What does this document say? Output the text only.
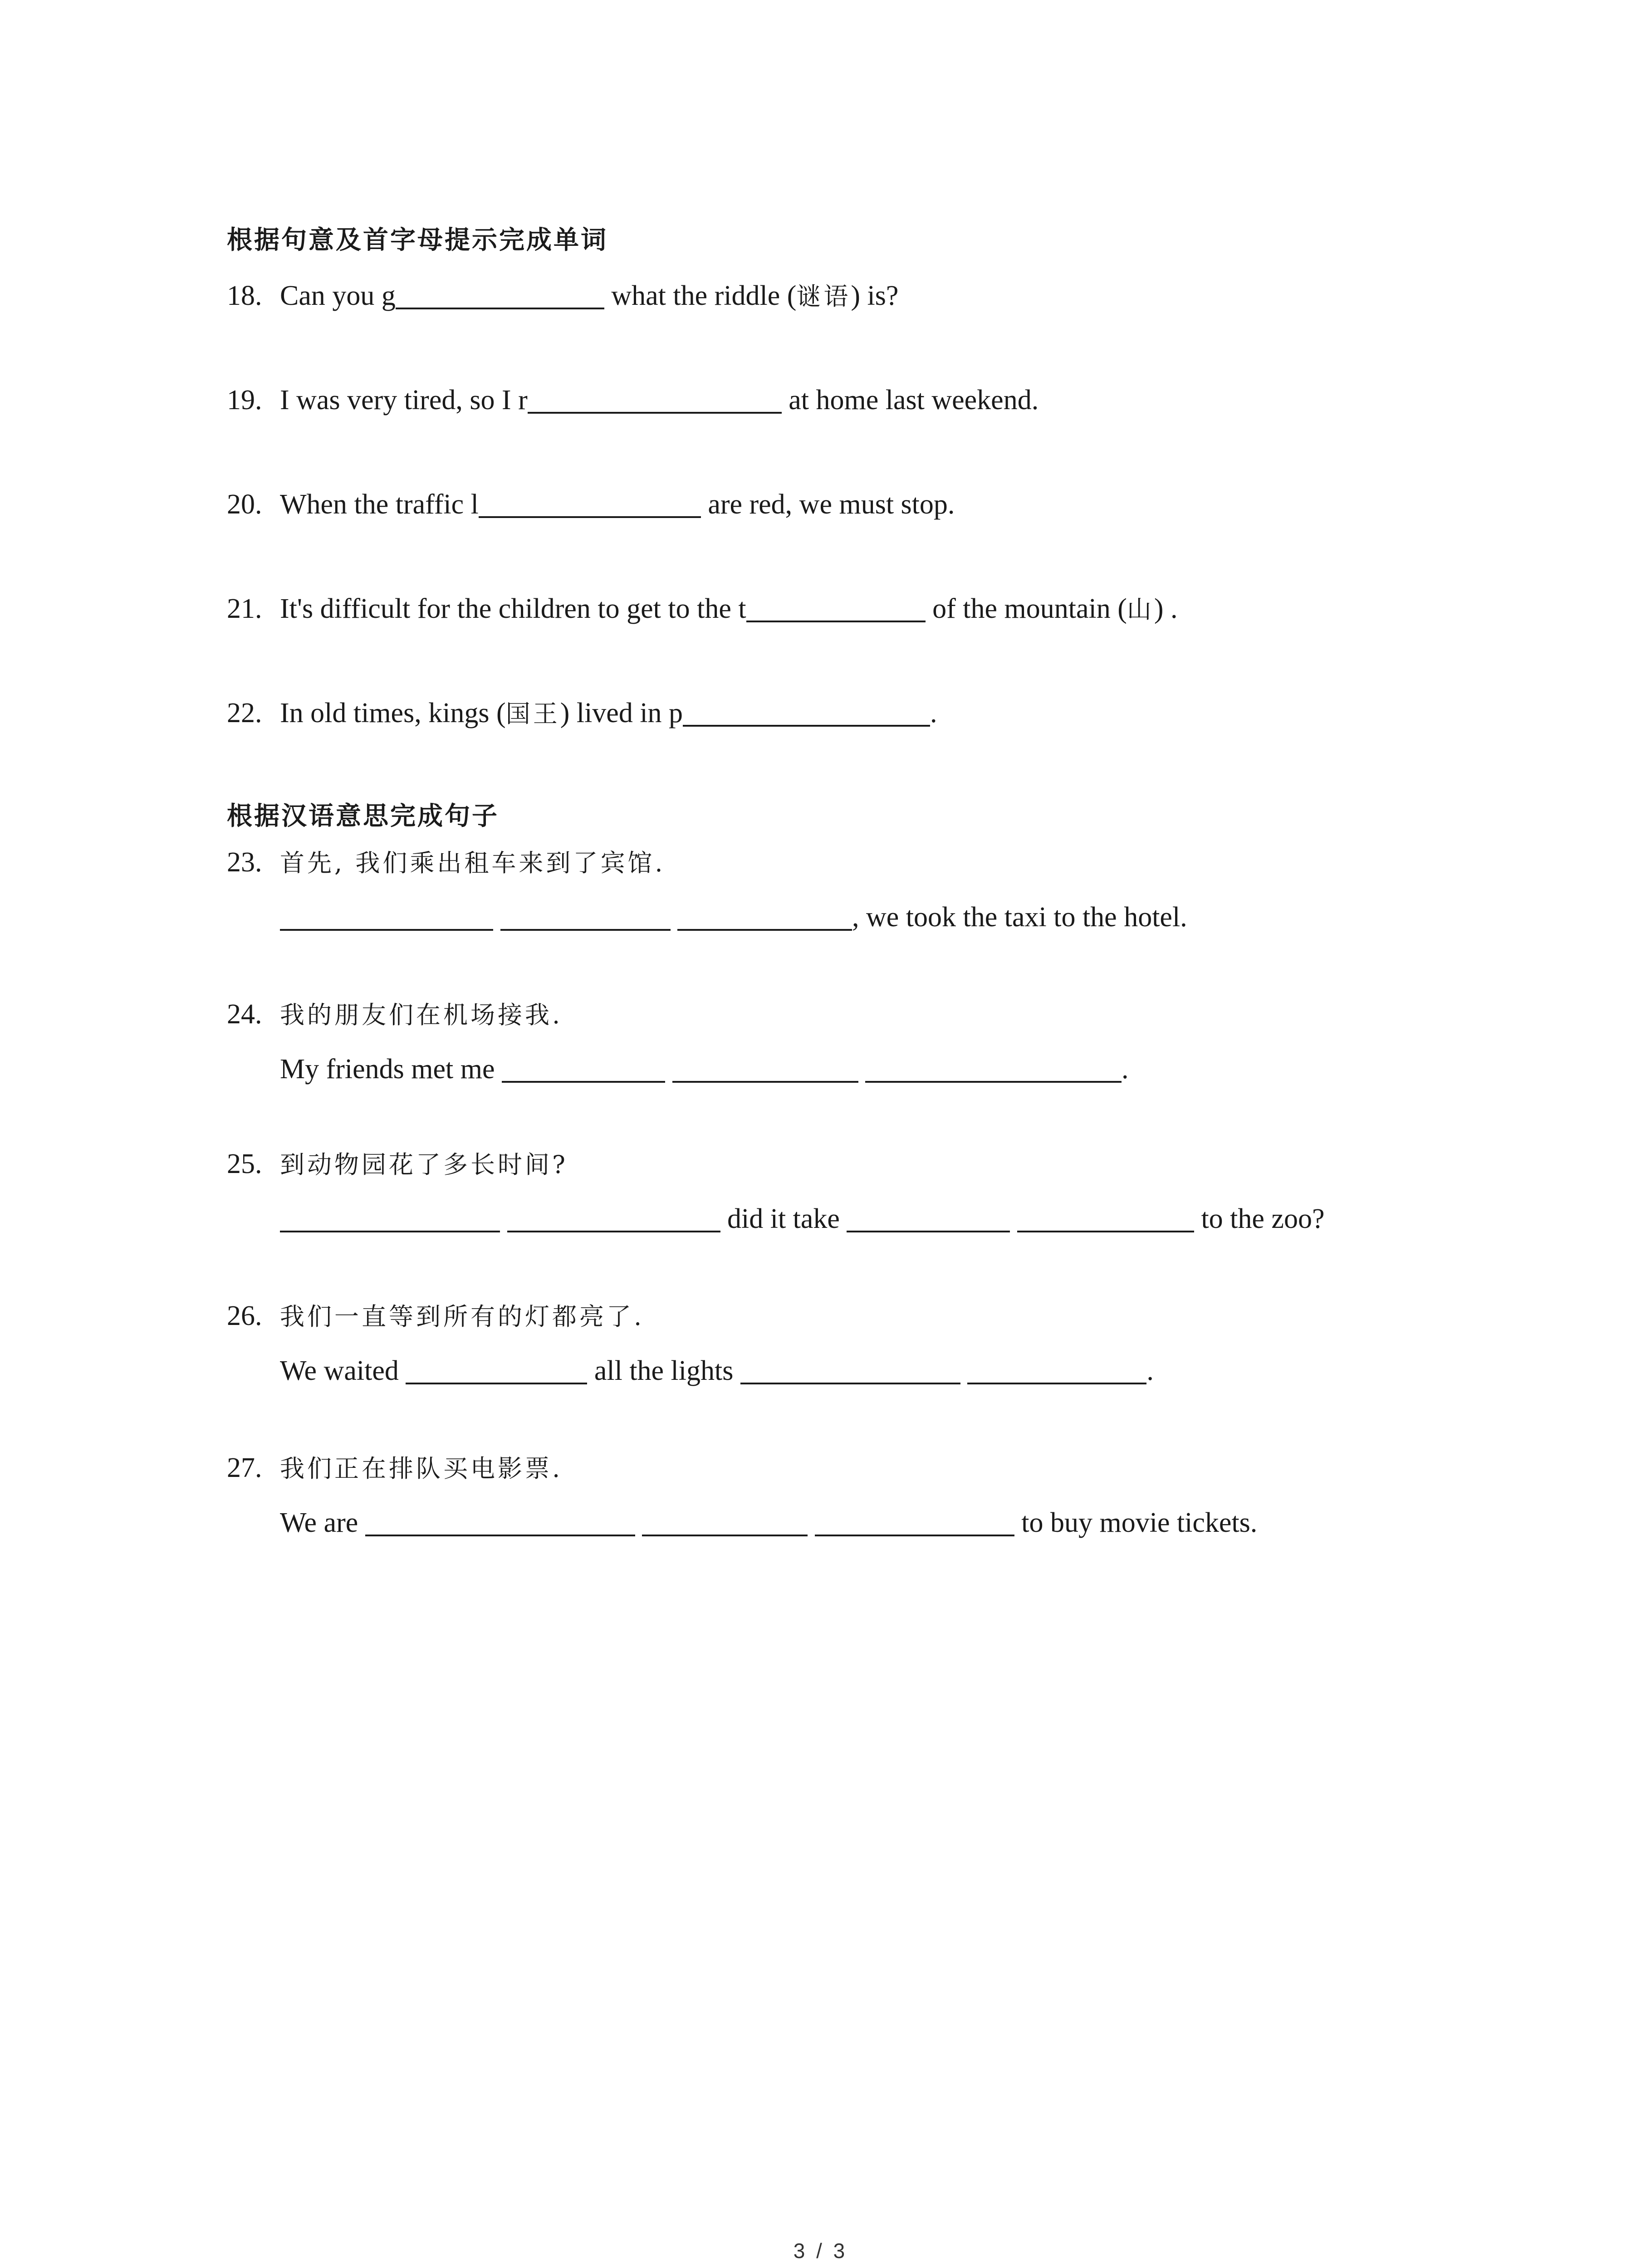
根据句意及首字母提示完成单词
18. Can you g	what the riddle (谜语) is?
19. I was very tired, so I r	at home last weekend.
20. When the traffic l	are red, we must stop.
21. It's difficult for the children to get to the t	of the mountain (山) .
22. In old times, kings (国王) lived in p	.
根据汉语意思完成句子
23. 首先, 我们乘出租车来到了宾馆.
, we took the taxi to the hotel.
24. 我的朋友们在机场接我.
My friends met me	.
25. 到动物园花了多长时间?
did it take	to the zoo?
26. 我们一直等到所有的灯都亮了.
We waited	all the lights	.
27. 我们正在排队买电影票.
We are	to buy movie tickets.
3 / 3
